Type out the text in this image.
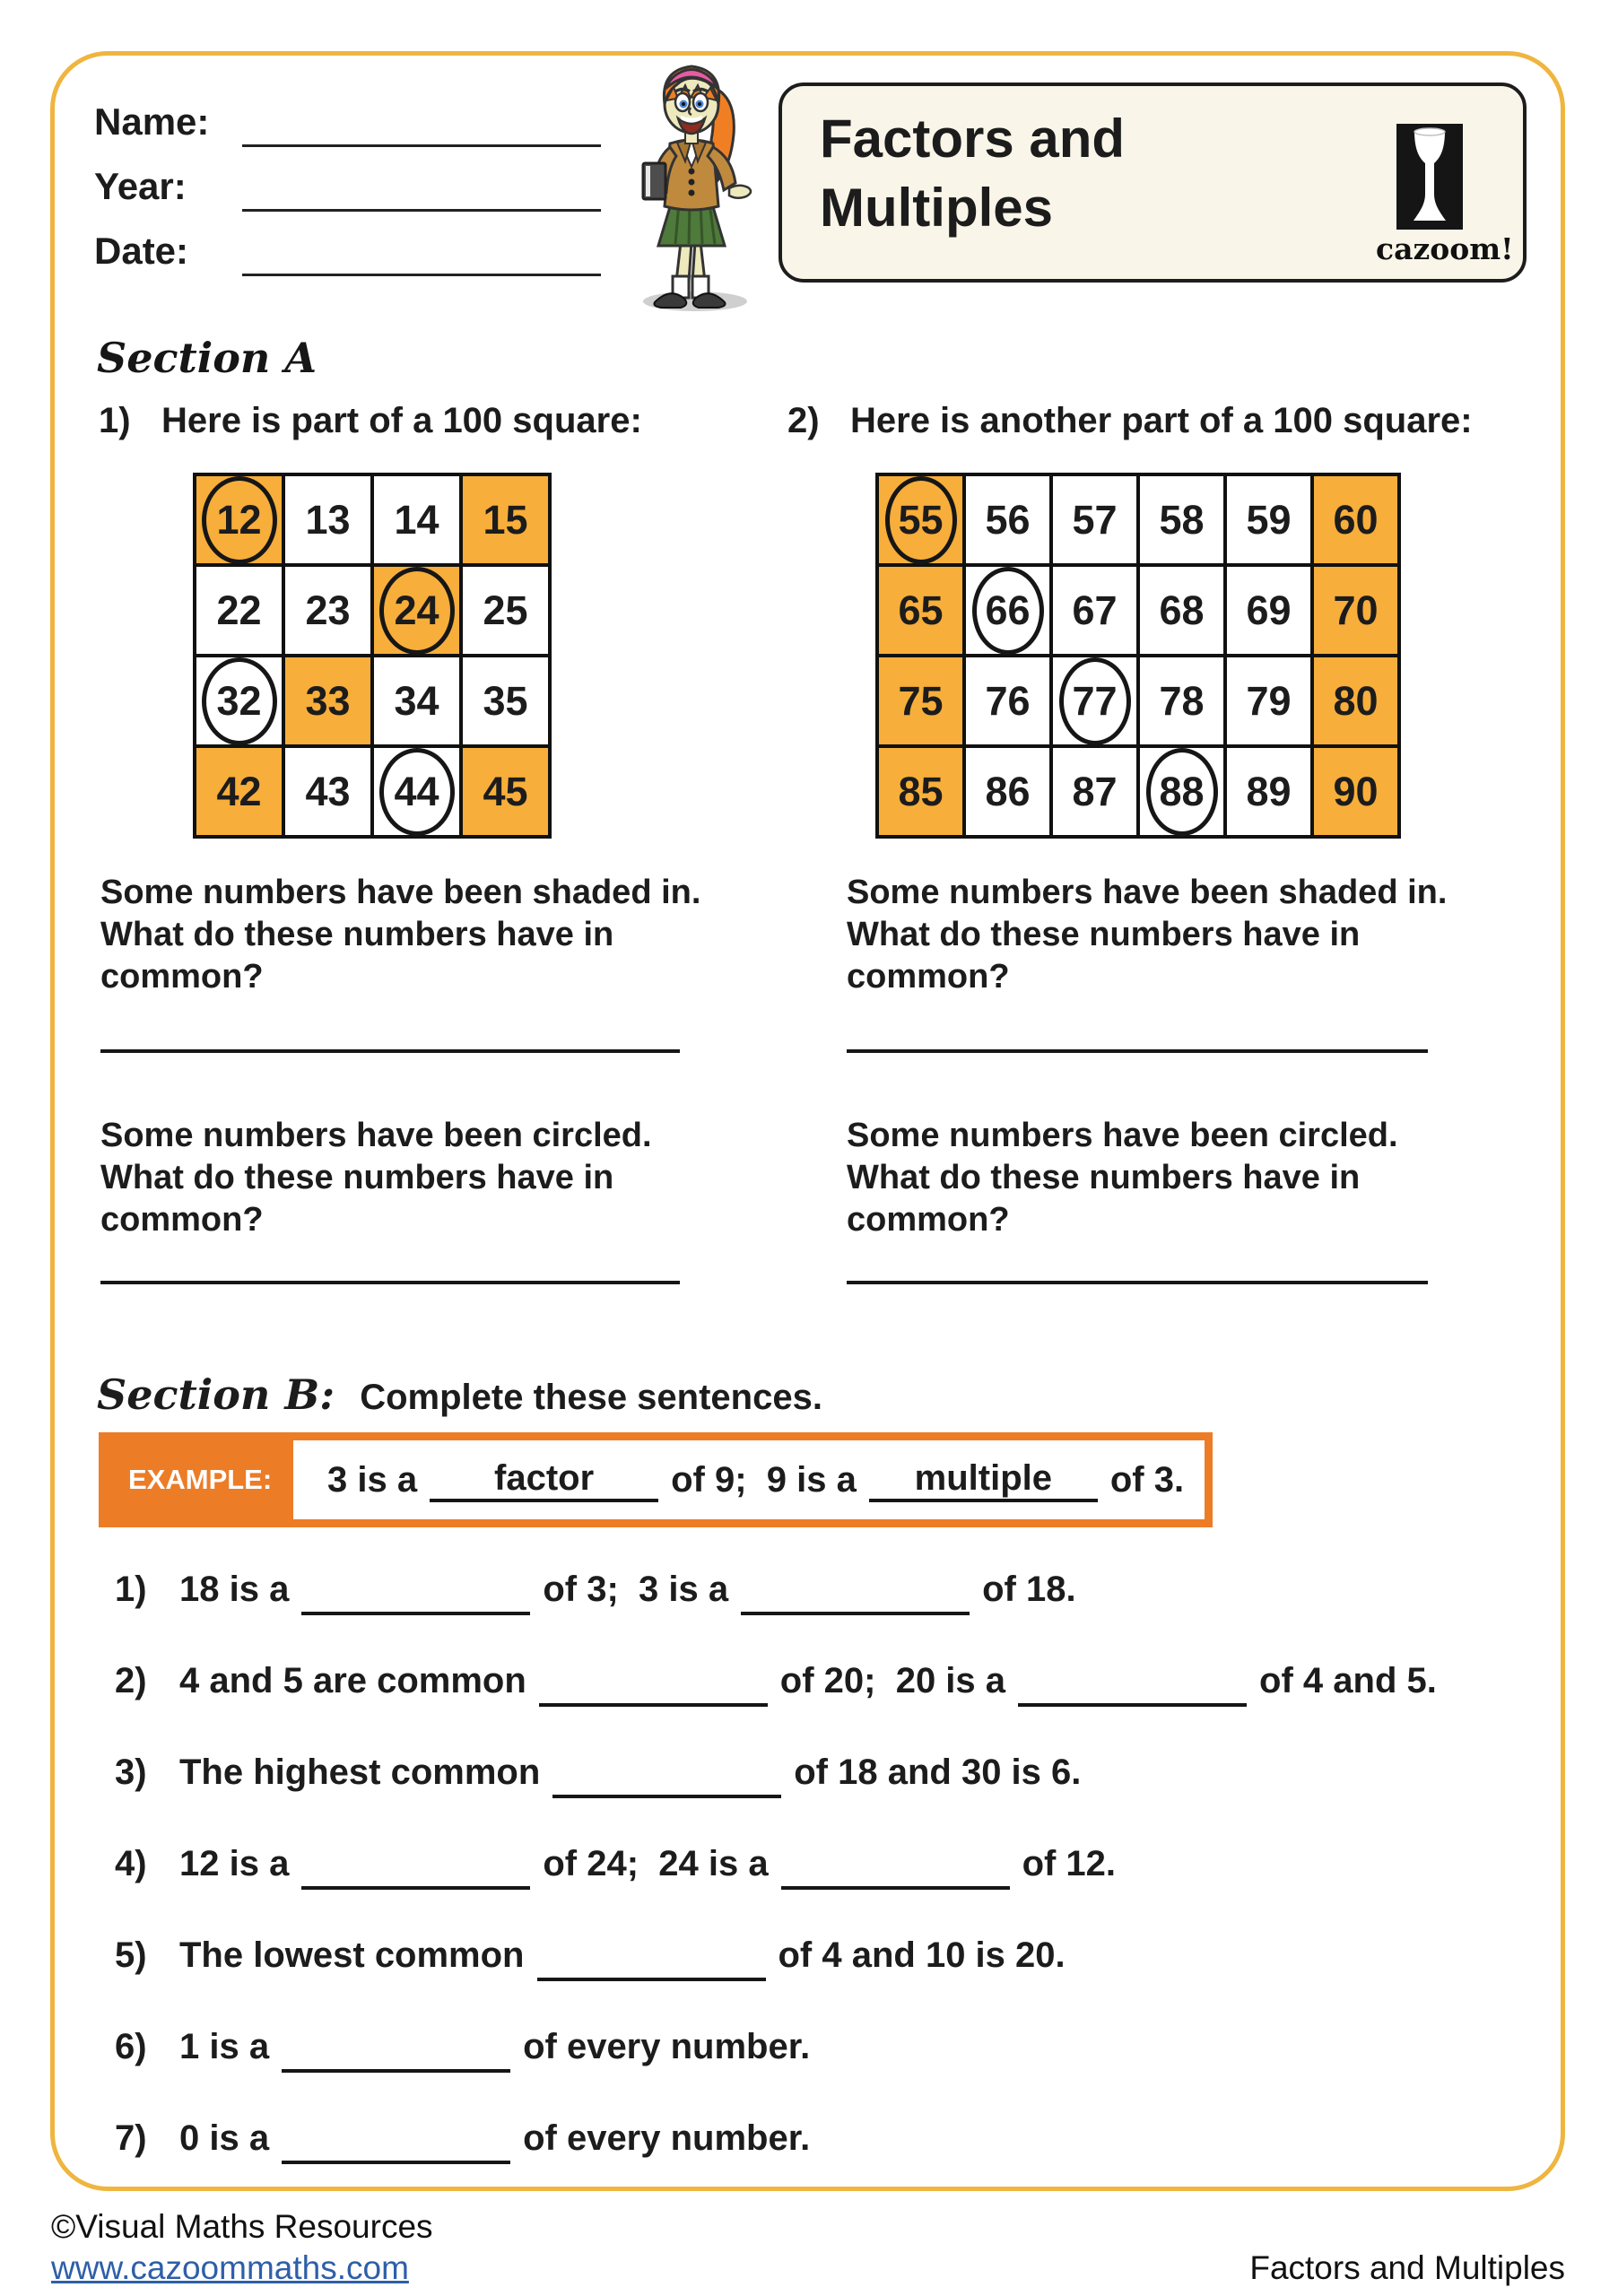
Name:
Year:
Date:
Factors and
Multiples
cazoom!
Section A
1) Here is part of a 100 square:	2) Here is another part of a 100 square:
12 13 14 15
22 23 24 25
32 33 34 35
42 43 44 45
55 56 57 58 59 60
65 66 67 68 69 70
75 76 77 78 79 80
85 86 87 88 89 90
Some numbers have been shaded in.
What do these numbers have in
common?
Some numbers have been shaded in.
What do these numbers have in
common?
Some numbers have been circled.
What do these numbers have in
common?
Some numbers have been circled.
What do these numbers have in
common?
Section B: Complete these sentences.
EXAMPLE:	3 is a	factor	of 9;  9 is a	multiple	of 3.
1) 18 is a	of 3;  3 is a	of 18.
2) 4 and 5 are common	of 20;  20 is a	of 4 and 5.
3) The highest common	of 18 and 30 is 6.
4) 12 is a	of 24;  24 is a	of 12.
5) The lowest common	of 4 and 10 is 20.
6) 1 is a	of every number.
7) 0 is a	of every number.
©Visual Maths Resources
www.cazoommaths.com	Factors and Multiples
